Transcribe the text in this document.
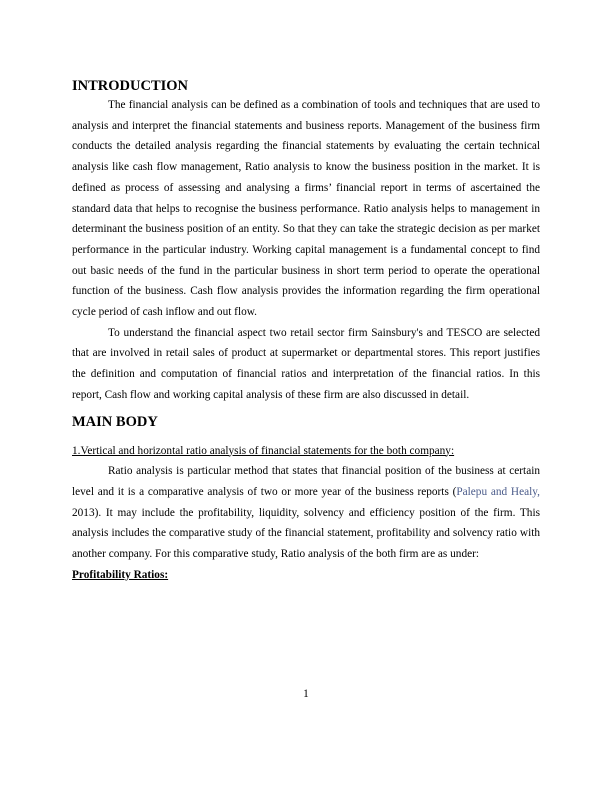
INTRODUCTION

The financial analysis can be defined as a combination of tools and techniques that are used to analysis and interpret the financial statements and business reports. Management of the business firm conducts the detailed analysis regarding the financial statements by evaluating the certain technical analysis like cash flow management, Ratio analysis to know the business position in the market. It is defined as process of assessing and analysing a firms’ financial report in terms of ascertained the standard data that helps to recognise the business performance. Ratio analysis helps to management in determinant the business position of an entity. So that they can take the strategic decision as per market performance in the particular industry. Working capital management is a fundamental concept to find out basic needs of the fund in the particular business in short term period to operate the operational function of the business. Cash flow analysis provides the information regarding the firm operational cycle period of cash inflow and out flow.

To understand the financial aspect two retail sector firm Sainsbury's and TESCO are selected that are involved in retail sales of product at supermarket or departmental stores. This report justifies the definition and computation of financial ratios and interpretation of the financial ratios. In this report, Cash flow and working capital analysis of these firm are also discussed in detail.

MAIN BODY
1.Vertical and horizontal ratio analysis of financial statements for the both company:

Ratio analysis is particular method that states that financial position of the business at certain level and it is a comparative analysis of two or more year of the business reports (Palepu and Healy, 2013). It may include the profitability, liquidity, solvency and efficiency position of the firm. This analysis includes the comparative study of the financial statement, profitability and solvency ratio with another company. For this comparative study, Ratio analysis of the both firm are as under:

Profitability Ratios:
1
